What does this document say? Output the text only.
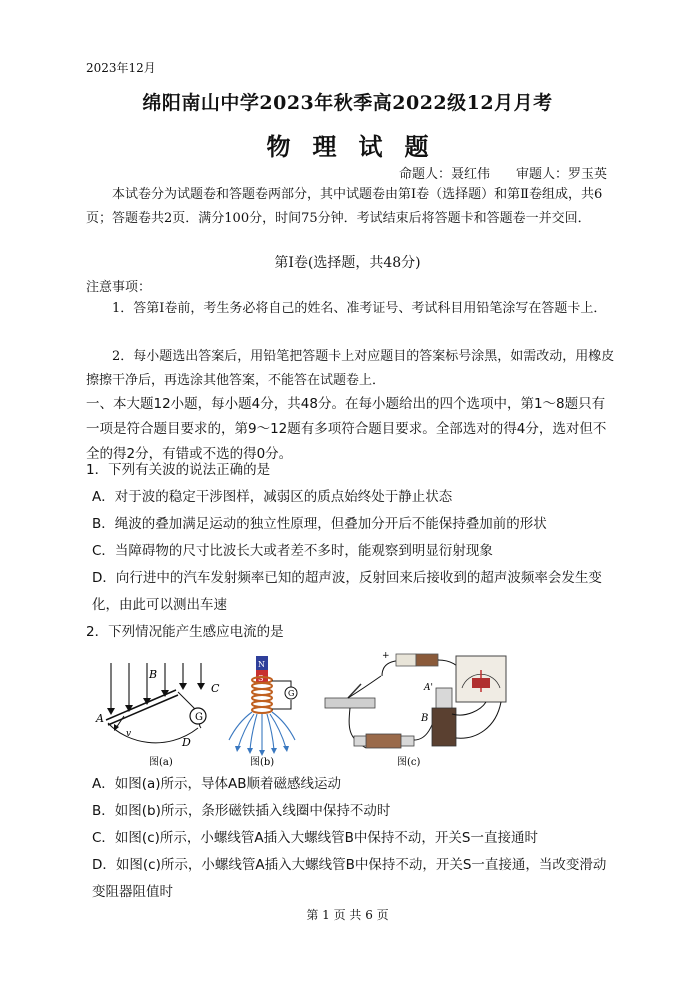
2023年12月
绵阳南山中学2023年秋季高2022级12月月考
物理试题
命题人：聂红伟 审题人：罗玉英
本试卷分为试题卷和答题卷两部分，其中试题卷由第Ⅰ卷（选择题）和第Ⅱ卷组成，共6页；答题卷共2页．满分100分，时间75分钟．考试结束后将答题卡和答题卷一并交回．
第Ⅰ卷(选择题，共48分)
注意事项：
1．答第Ⅰ卷前，考生务必将自己的姓名、准考证号、考试科目用铅笔涂写在答题卡上．
2．每小题选出答案后，用铅笔把答题卡上对应题目的答案标号涂黑，如需改动，用橡皮擦擦干净后，再选涂其他答案，不能答在试题卷上．
一、本大题12小题，每小题4分，共48分。在每小题给出的四个选项中，第1～8题只有一项是符合题目要求的，第9～12题有多项符合题目要求。全部选对的得4分，选对但不全的得2分，有错或不选的得0分。
1．下列有关波的说法正确的是
A．对于波的稳定干涉图样，减弱区的质点始终处于静止状态
B．绳波的叠加满足运动的独立性原理，但叠加分开后不能保持叠加前的形状
C．当障碍物的尺寸比波长大或者差不多时，能观察到明显衍射现象
D．向行进中的汽车发射频率已知的超声波，反射回来后接收到的超声波频率会发生变化，由此可以测出车速
2．下列情况能产生感应电流的是
G
A
B
C
D
v
图(a)
N
S
G
图(b)
+
A'
B
图(c)
A．如图(a)所示，导体AB顺着磁感线运动
B．如图(b)所示，条形磁铁插入线圈中保持不动时
C．如图(c)所示，小螺线管A插入大螺线管B中保持不动，开关S一直接通时
D．如图(c)所示，小螺线管A插入大螺线管B中保持不动，开关S一直接通，当改变滑动变阻器阻值时
第 1 页 共 6 页
